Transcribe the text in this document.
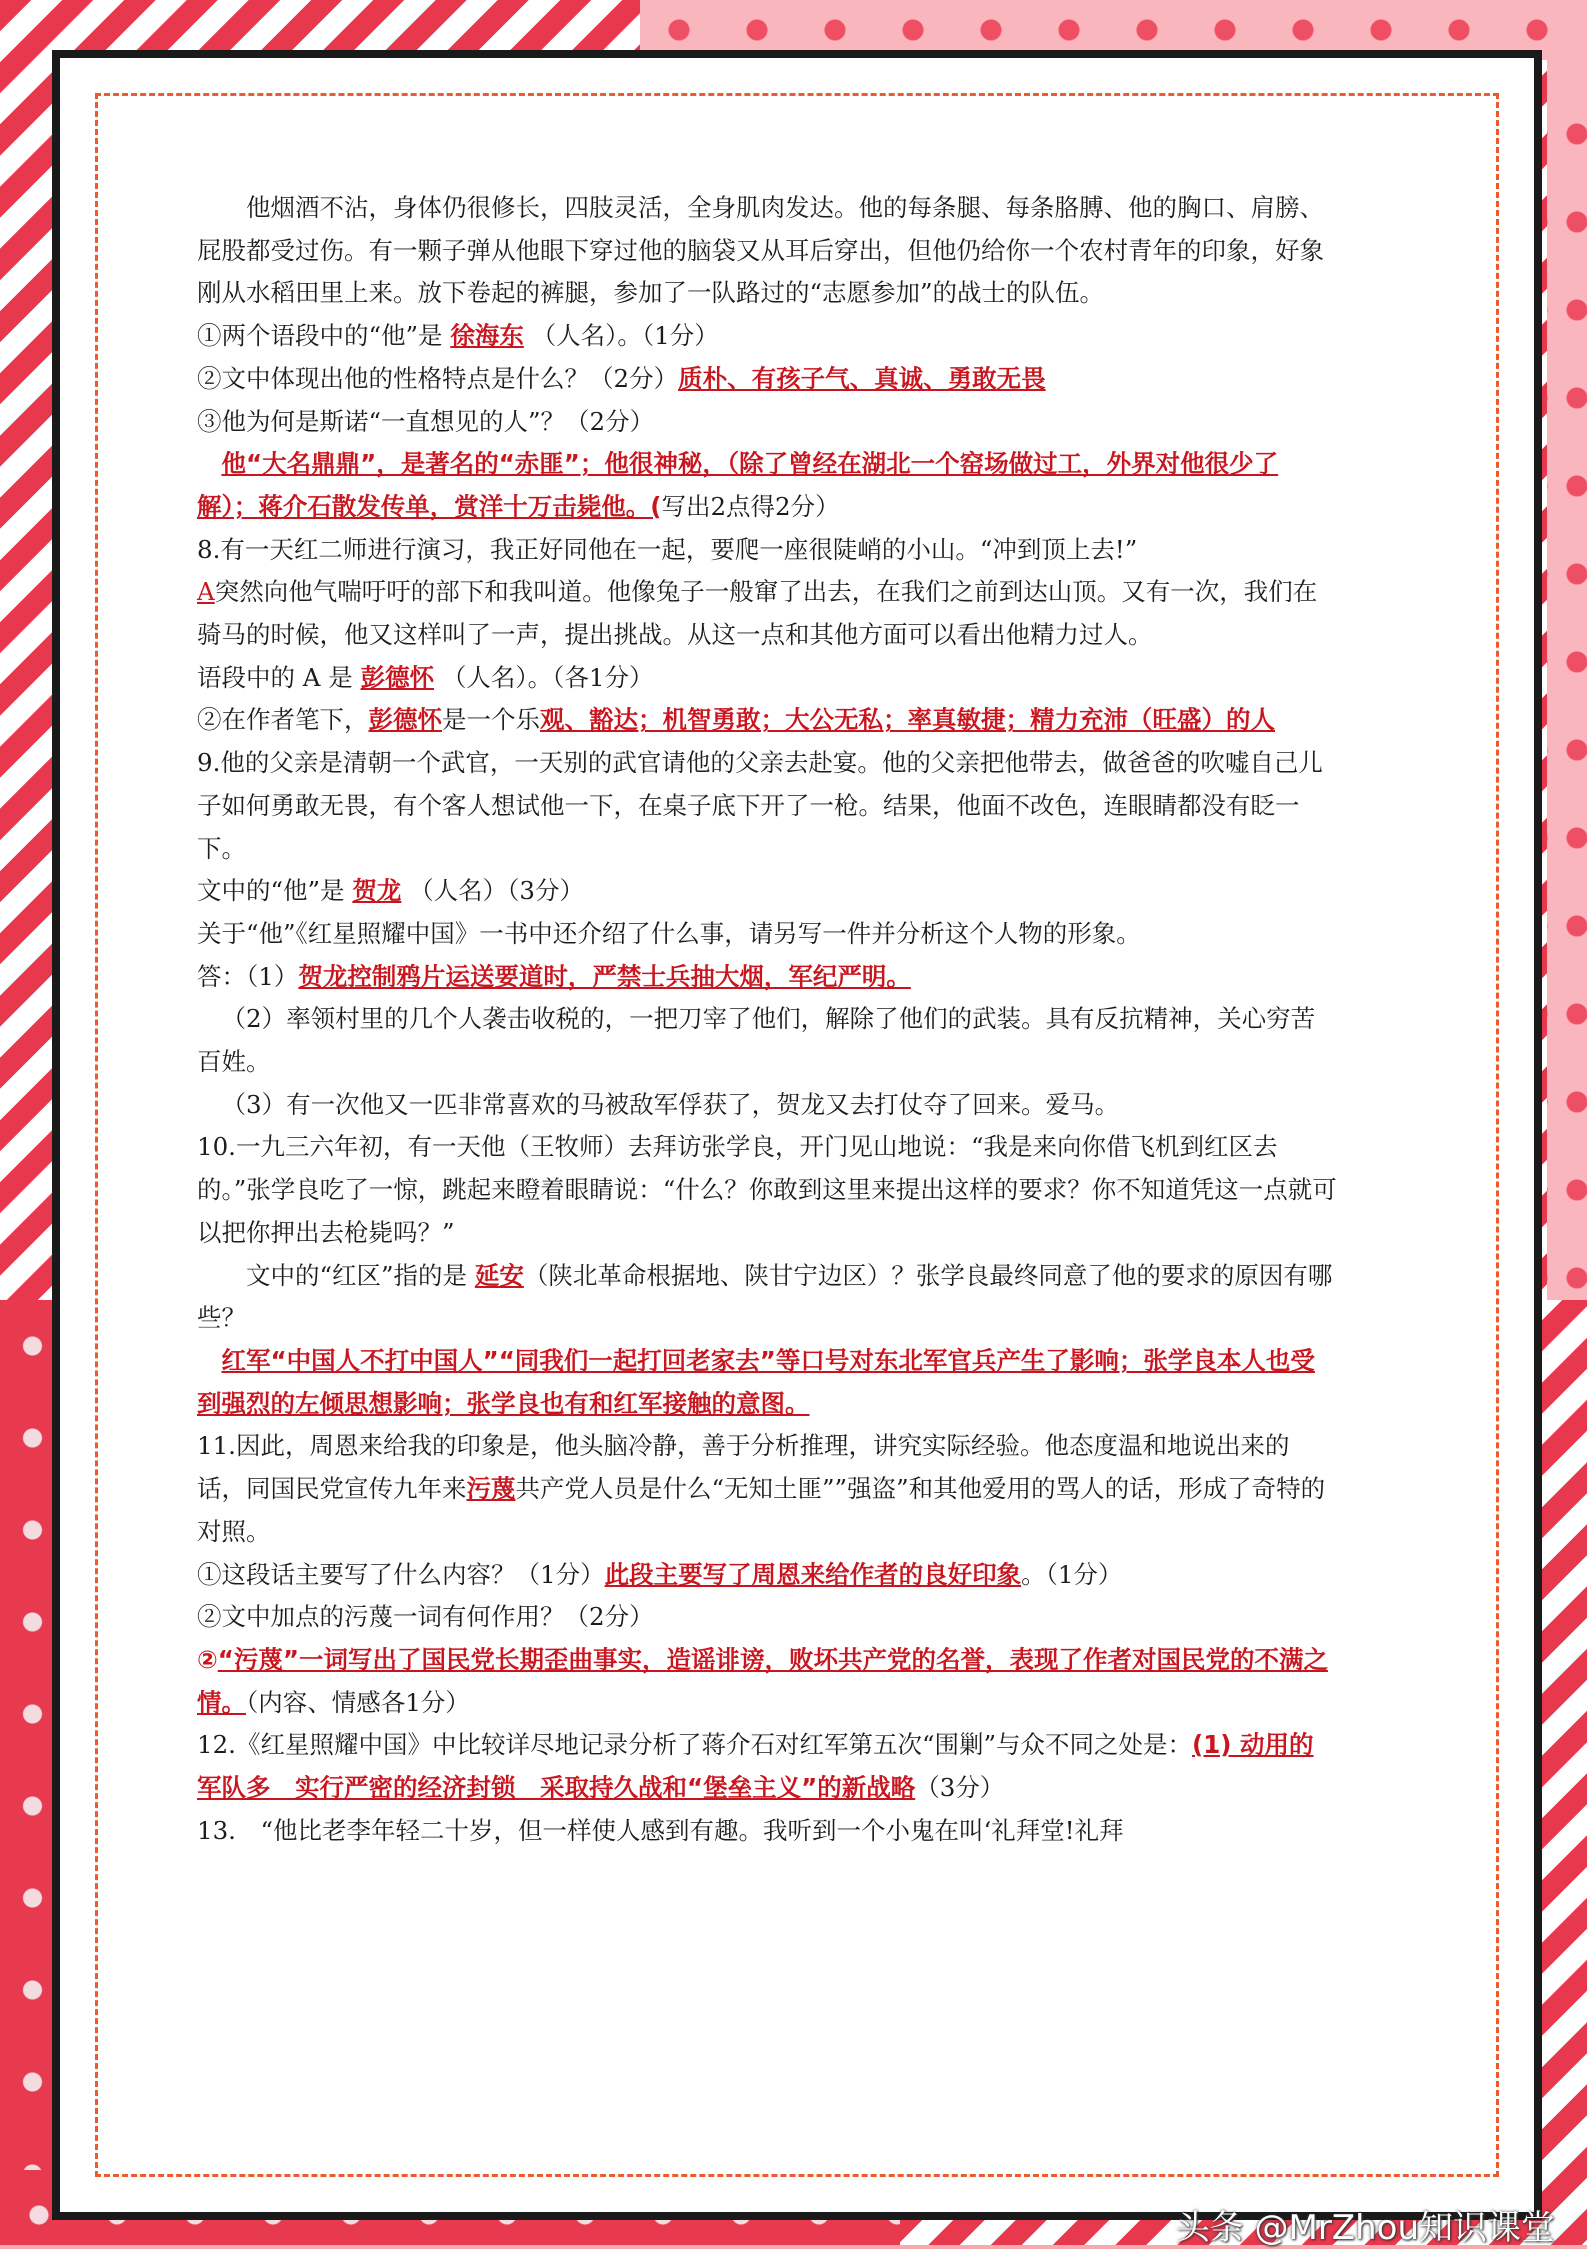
他烟酒不沾，身体仍很修长，四肢灵活，全身肌肉发达。他的每条腿、每条胳膊、他的胸口、肩膀、屁股都受过伤。有一颗子弹从他眼下穿过他的脑袋又从耳后穿出，但他仍给你一个农村青年的印象，好象刚从水稻田里上来。放下卷起的裤腿，参加了一队路过的“志愿参加”的战士的队伍。

①两个语段中的“他”是 徐海东 （人名）。（1分）

②文中体现出他的性格特点是什么？（2分）质朴、有孩子气、真诚、勇敢无畏

③他为何是斯诺“一直想见的人”？（2分）

他“大名鼎鼎”，是著名的“赤匪”；他很神秘，（除了曾经在湖北一个窑场做过工，外界对他很少了解）；蒋介石散发传单，赏洋十万击毙他。(写出2点得2分）

8.有一天红二师进行演习，我正好同他在一起，要爬一座很陡峭的小山。“冲到顶上去!”
A突然向他气喘吁吁的部下和我叫道。他像兔子一般窜了出去，在我们之前到达山顶。又有一次，我们在骑马的时候，他又这样叫了一声，提出挑战。从这一点和其他方面可以看出他精力过人。

语段中的 A 是 彭德怀 （人名）。（各1分）

②在作者笔下，彭德怀是一个乐观、豁达；机智勇敢；大公无私；率真敏捷；精力充沛（旺盛）的人

9.他的父亲是清朝一个武官，一天别的武官请他的父亲去赴宴。他的父亲把他带去，做爸爸的吹嘘自己儿子如何勇敢无畏，有个客人想试他一下，在桌子底下开了一枪。结果，他面不改色，连眼睛都没有眨一下。

文中的“他”是 贺龙 （人名）（3分）

关于“他”《红星照耀中国》一书中还介绍了什么事，请另写一件并分析这个人物的形象。

答：（1）贺龙控制鸦片运送要道时，严禁士兵抽大烟，军纪严明。

（2）率领村里的几个人袭击收税的，一把刀宰了他们，解除了他们的武装。具有反抗精神，关心穷苦百姓。

（3）有一次他又一匹非常喜欢的马被敌军俘获了，贺龙又去打仗夺了回来。爱马。

10.一九三六年初，有一天他（王牧师）去拜访张学良，开门见山地说：“我是来向你借飞机到红区去的。”张学良吃了一惊，跳起来瞪着眼睛说：“什么？你敢到这里来提出这样的要求？你不知道凭这一点就可以把你押出去枪毙吗？”

文中的“红区”指的是 延安（陕北革命根据地、陕甘宁边区）？张学良最终同意了他的要求的原因有哪些？

红军“中国人不打中国人”“同我们一起打回老家去”等口号对东北军官兵产生了影响；张学良本人也受到强烈的左倾思想影响；张学良也有和红军接触的意图。

11.因此，周恩来给我的印象是，他头脑冷静，善于分析推理，讲究实际经验。他态度温和地说出来的话，同国民党宣传九年来污蔑共产党人员是什么“无知土匪””强盗”和其他爱用的骂人的话，形成了奇特的对照。

①这段话主要写了什么内容？（1分）此段主要写了周恩来给作者的良好印象。（1分）

②文中加点的污蔑一词有何作用？（2分）

②“污蔑”一词写出了国民党长期歪曲事实，造谣诽谤，败坏共产党的名誉，表现了作者对国民党的不满之情。（内容、情感各1分）

12.《红星照耀中国》中比较详尽地记录分析了蒋介石对红军第五次“围剿”与众不同之处是：(1) 动用的军队多　实行严密的经济封锁　采取持久战和“堡垒主义”的新战略（3分）

13.　“他比老李年轻二十岁，但一样使人感到有趣。我听到一个小鬼在叫‘礼拜堂!礼拜

头条 @MrZhou知识课堂
